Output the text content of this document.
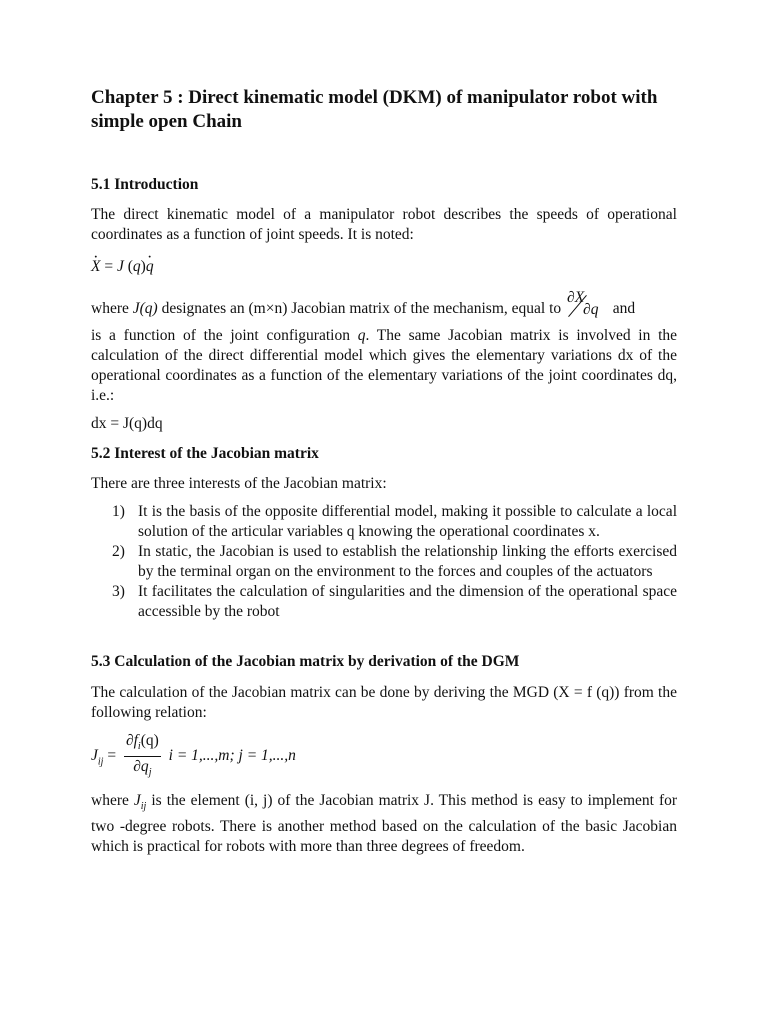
Chapter 5 : Direct kinematic model (DKM) of manipulator robot with simple open Chain
5.1 Introduction

The direct kinematic model of a manipulator robot describes the speeds of operational coordinates as a function of joint speeds. It is noted:

· X = J (q)· q

where J(q) designates an (m×n) Jacobian matrix of the mechanism, equal to
∂X
∂q and

is a function of the joint configuration q. The same Jacobian matrix is involved in the calculation of the direct differential model which gives the elementary variations dx of the operational coordinates as a function of the elementary variations of the joint coordinates dq, i.e.:

dx = J(q)dq

5.2 Interest of the Jacobian matrix

There are three interests of the Jacobian matrix:

1) It is the basis of the opposite differential model, making it possible to calculate a local solution of the articular variables q knowing the operational coordinates x.
2) In static, the Jacobian is used to establish the relationship linking the efforts exercised by the terminal organ on the environment to the forces and couples of the actuators
3) It facilitates the calculation of singularities and the dimension of the operational space accessible by the robot
5.3 Calculation of the Jacobian matrix by derivation of the DGM

The calculation of the Jacobian matrix can be done by deriving the MGD (X = f (q)) from the following relation:

$J_{ij} = \frac{\partial f_i(q)}{\partial q_j}$ i = 1,...,m; j = 1,...,n

where $J_{ij}$ is the element (i, j) of the Jacobian matrix J. This method is easy to implement for two -degree robots. There is another method based on the calculation of the basic Jacobian which is practical for robots with more than three degrees of freedom.
